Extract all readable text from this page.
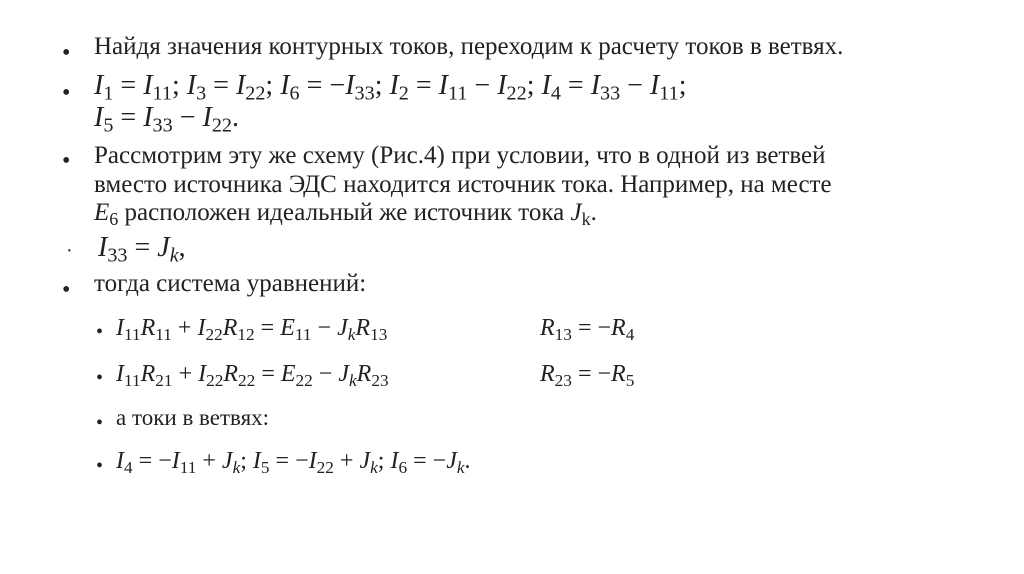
• Найдя значения контурных токов, переходим к расчету токов в ветвях.
• $I_1 = I_{11}$; $I_3 = I_{22}$; $I_6 = -I_{33}$; $I_2 = I_{11} - I_{22}$; $I_4 = I_{33} - I_{11}$;
$I_5 = I_{33} - I_{22}$.
• Рассмотрим эту же схему (Рис.4) при условии, что в одной из ветвей
вместо источника ЭДС находится источник тока. Например, на месте
$E_6$ расположен идеальный же источник тока $J_k$.
· $I_{33} = J_k$,
• тогда система уравнений:
• $I_{11}R_{11} + I_{22}R_{12} = E_{11} - J_kR_{13}$	$R_{13} = -R_4$
• $I_{11}R_{21} + I_{22}R_{22} = E_{22} - J_kR_{23}$	$R_{23} = -R_5$
• а токи в ветвях:
• $I_4 = -I_{11} + J_k$; $I_5 = -I_{22} + J_k$; $I_6 = -J_k$.
